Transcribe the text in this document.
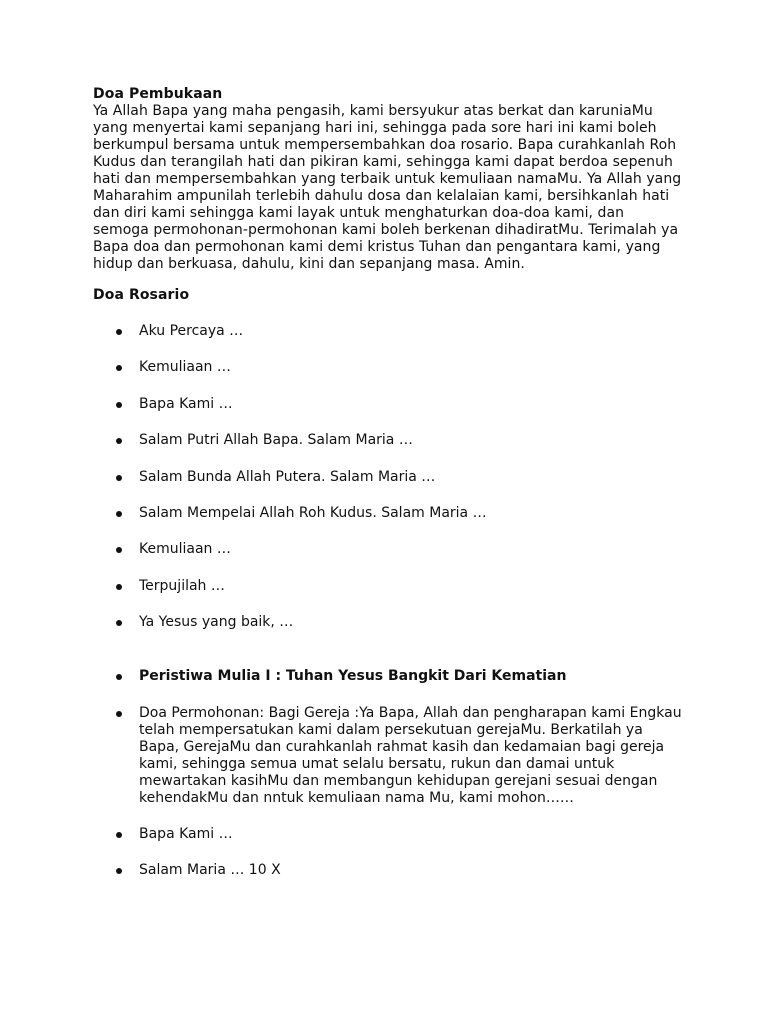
Doa Pembukaan

Ya Allah Bapa yang maha pengasih, kami bersyukur atas berkat dan karuniaMu yang menyertai kami sepanjang hari ini, sehingga pada sore hari ini kami boleh berkumpul bersama untuk mempersembahkan doa rosario. Bapa curahkanlah Roh Kudus dan terangilah hati dan pikiran kami, sehingga kami dapat berdoa sepenuh hati dan mempersembahkan yang terbaik untuk kemuliaan namaMu. Ya Allah yang Maharahim ampunilah terlebih dahulu dosa dan kelalaian kami, bersihkanlah hati dan diri kami sehingga kami layak untuk menghaturkan doa-doa kami, dan semoga permohonan-permohonan kami boleh berkenan dihadiratMu. Terimalah ya Bapa doa dan permohonan kami demi kristus Tuhan dan pengantara kami, yang hidup dan berkuasa, dahulu, kini dan sepanjang masa. Amin.

Doa Rosario

Aku Percaya …
Kemuliaan …
Bapa Kami …
Salam Putri Allah Bapa. Salam Maria …
Salam Bunda Allah Putera. Salam Maria …
Salam Mempelai Allah Roh Kudus. Salam Maria …
Kemuliaan …
Terpujilah …
Ya Yesus yang baik, …
Peristiwa Mulia I : Tuhan Yesus Bangkit Dari Kematian
Doa Permohonan: Bagi Gereja :Ya Bapa, Allah dan pengharapan kami Engkau telah mempersatukan kami dalam persekutuan gerejaMu. Berkatilah ya Bapa, GerejaMu dan curahkanlah rahmat kasih dan kedamaian bagi gereja kami, sehingga semua umat selalu bersatu, rukun dan damai untuk mewartakan kasihMu dan membangun kehidupan gerejani sesuai dengan kehendakMu dan nntuk kemuliaan nama Mu, kami mohon……
Bapa Kami …
Salam Maria … 10 X
